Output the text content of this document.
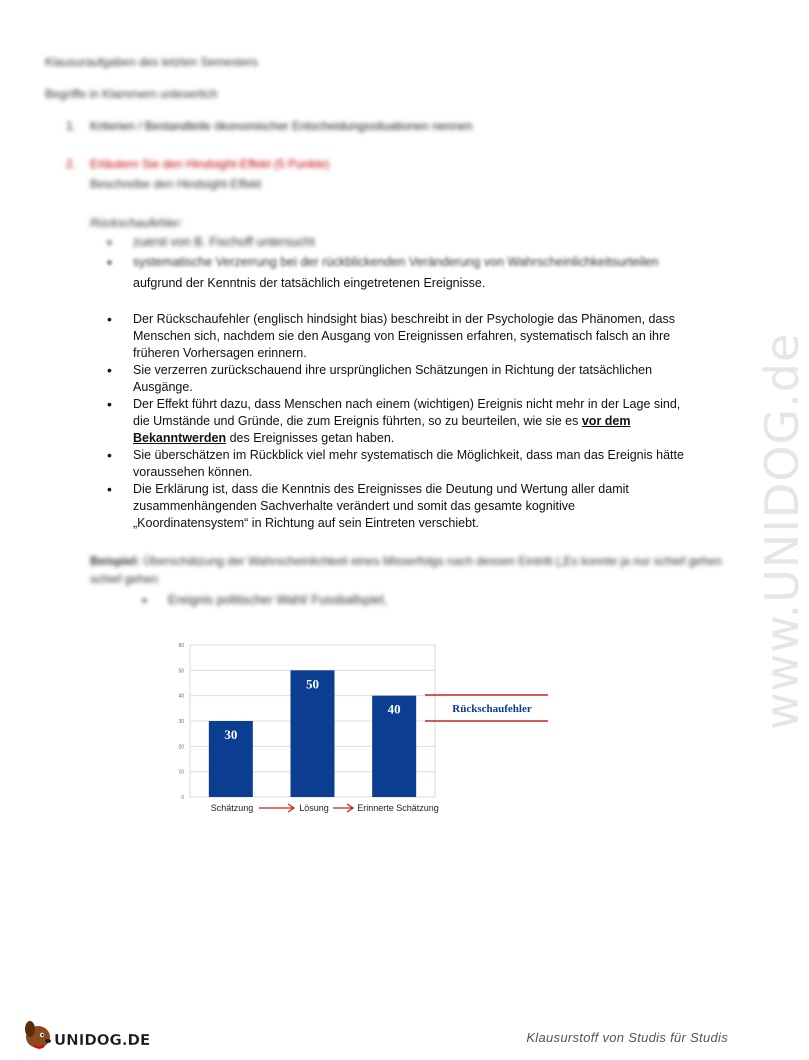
Klausuraufgaben des letzten Semesters
Begriffe in Klammern unleserlich
1.	Kriterien / Bestandteile ökonomischer Entscheidungssituationen nennen
2.	Erläutern Sie den Hindsight-Effekt (5 Punkte)
Beschreibe den Hindsight-Effekt
Rückschaufehler:
• zuerst von B. Fischoff untersucht
• systematische Verzerrung bei der rückblickenden Veränderung von Wahrscheinlichkeitsurteilen
aufgrund der Kenntnis der tatsächlich eingetretenen Ereignisse.
• Der Rückschaufehler (englisch hindsight bias) beschreibt in der Psychologie das Phänomen, dass Menschen sich, nachdem sie den Ausgang von Ereignissen erfahren, systematisch falsch an ihre früheren Vorhersagen erinnern.
• Sie verzerren zurückschauend ihre ursprünglichen Schätzungen in Richtung der tatsächlichen Ausgänge.
• Der Effekt führt dazu, dass Menschen nach einem (wichtigen) Ereignis nicht mehr in der Lage sind, die Umstände und Gründe, die zum Ereignis führten, so zu beurteilen, wie sie es vor dem Bekanntwerden des Ereignisses getan haben.
• Sie überschätzen im Rückblick viel mehr systematisch die Möglichkeit, dass man das Ereignis hätte voraussehen können.
• Die Erklärung ist, dass die Kenntnis des Ereignisses die Deutung und Wertung aller damit zusammenhängenden Sachverhalte verändert und somit das gesamte kognitive „Koordinatensystem“ in Richtung auf sein Eintreten verschiebt.
Beispiel: Überschätzung der Wahrscheinlichkeit eines Misserfolgs nach dessen Eintritt („Es konnte ja nur schief gehen
schief gehen
• Ereignis politischer Wahl/ Fussballspiel,	www.UNIDOG.de
0
10
20
30
40
50
60
30
50
40
Schätzung	Lösung	Erinnerte Schätzung
Rückschaufehler
UNIDOG.DE	Klausurstoff von Studis für Studis
